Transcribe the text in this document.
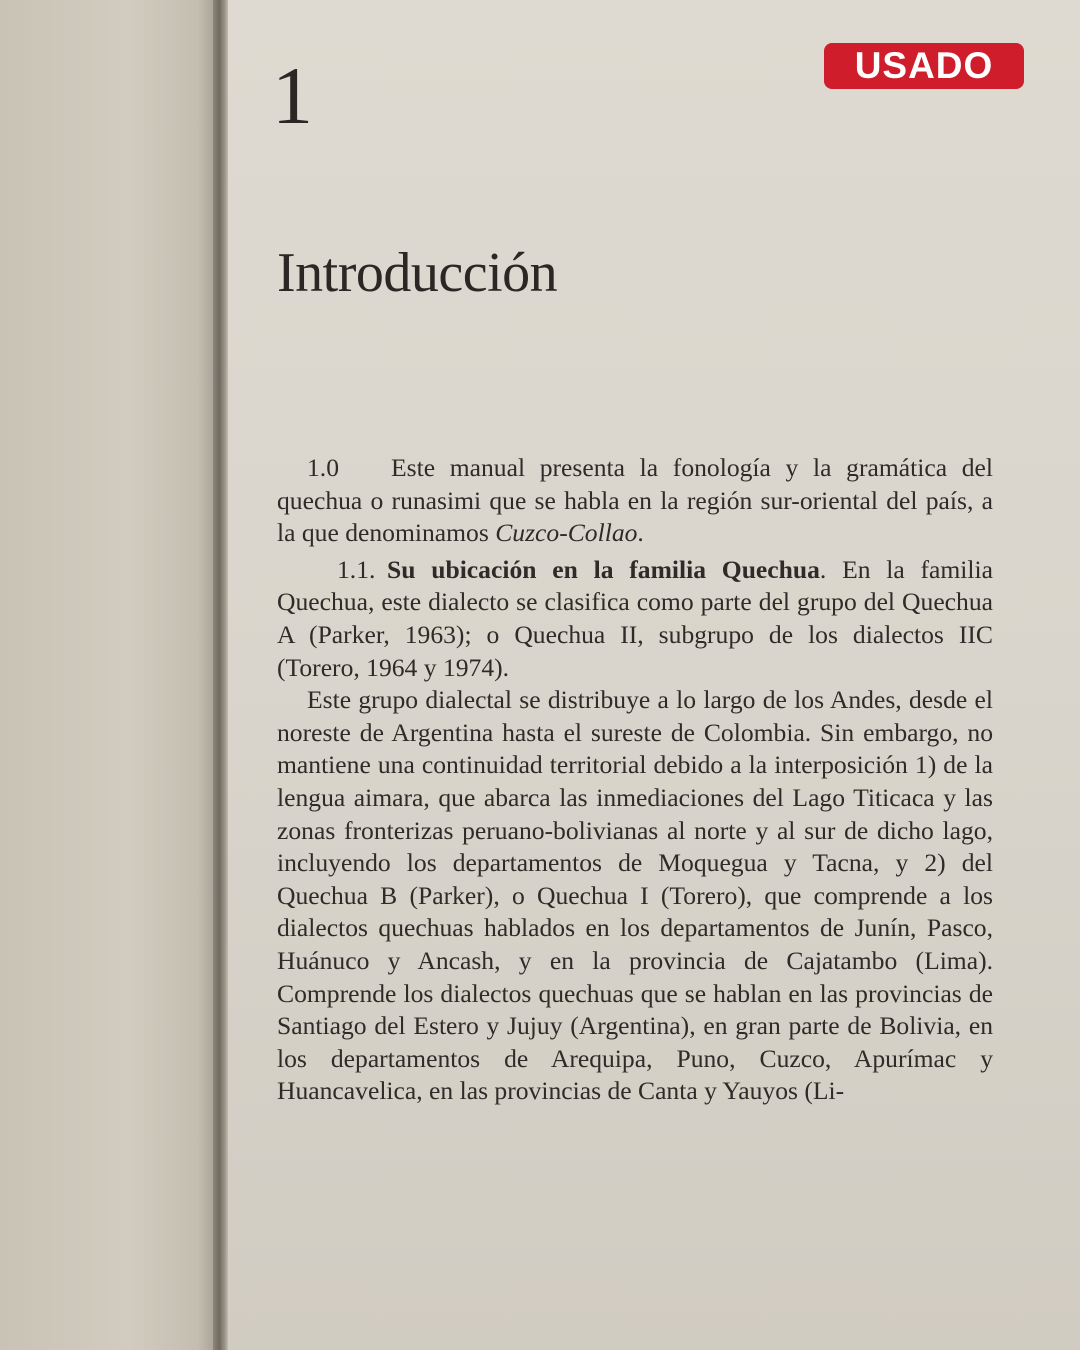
USADO
1
Introducción

1.0 Este manual presenta la fonología y la gramática del quechua o runasimi que se habla en la región sur-oriental del país, a la que denominamos Cuzco-Collao.

1.1. Su ubicación en la familia Quechua. En la familia Quechua, este dialecto se clasifica como parte del grupo del Quechua A (Parker, 1963); o Quechua II, subgrupo de los dialectos IIC (Torero, 1964 y 1974).

Este grupo dialectal se distribuye a lo largo de los Andes, desde el noreste de Argentina hasta el sureste de Colombia. Sin embargo, no mantiene una continuidad territorial debido a la interposición 1) de la lengua aimara, que abarca las inmediaciones del Lago Titicaca y las zonas fronterizas peruano-bolivianas al norte y al sur de dicho lago, incluyendo los departamentos de Moquegua y Tacna, y 2) del Quechua B (Parker), o Quechua I (Torero), que comprende a los dialectos quechuas hablados en los departamentos de Junín, Pasco, Huánuco y Ancash, y en la provincia de Cajatambo (Lima). Comprende los dialectos quechuas que se hablan en las provincias de Santiago del Estero y Jujuy (Argentina), en gran parte de Bolivia, en los departamentos de Arequipa, Puno, Cuzco, Apurímac y Huancavelica, en las provincias de Canta y Yauyos (Li-
